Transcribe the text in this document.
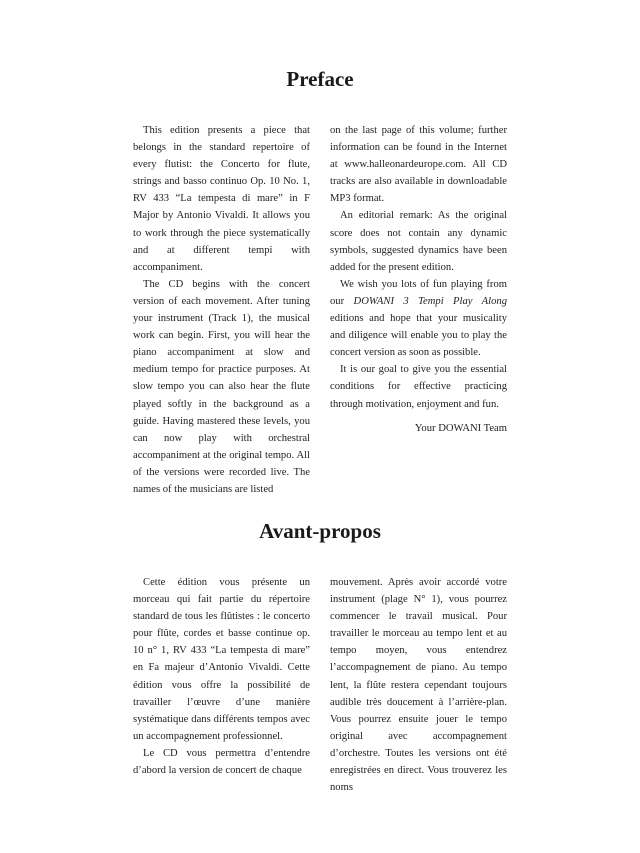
Preface

This edition presents a piece that belongs in the standard repertoire of every flutist: the Concerto for flute, strings and basso continuo Op. 10 No. 1, RV 433 “La tempesta di mare” in F Major by Antonio Vivaldi. It allows you to work through the piece systematically and at different tempi with accompaniment.

The CD begins with the concert version of each movement. After tuning your instrument (Track 1), the musical work can begin. First, you will hear the piano accompaniment at slow and medium tempo for practice purposes. At slow tempo you can also hear the flute played softly in the background as a guide. Having mastered these levels, you can now play with orchestral accompaniment at the original tempo. All of the versions were recorded live. The names of the musicians are listed

on the last page of this volume; further information can be found in the Internet at www.halleonardeurope.com. All CD tracks are also available in downloadable MP3 format.

An editorial remark: As the original score does not contain any dynamic symbols, suggested dynamics have been added for the present edition.

We wish you lots of fun playing from our DOWANI 3 Tempi Play Along editions and hope that your musicality and diligence will enable you to play the concert version as soon as possible.

It is our goal to give you the essential conditions for effective practicing through motivation, enjoyment and fun.

Your DOWANI Team

Avant-propos

Cette édition vous présente un morceau qui fait partie du répertoire standard de tous les flûtistes : le concerto pour flûte, cordes et basse continue op. 10 n° 1, RV 433 “La tempesta di mare” en Fa majeur d’Antonio Vivaldi. Cette édition vous offre la possibilité de travailler l’œuvre d’une manière systématique dans différents tempos avec un accompagnement professionnel.

Le CD vous permettra d’entendre d’abord la version de concert de chaque

mouvement. Après avoir accordé votre instrument (plage N° 1), vous pourrez commencer le travail musical. Pour travailler le morceau au tempo lent et au tempo moyen, vous entendrez l’accompagnement de piano. Au tempo lent, la flûte restera cependant toujours audible très doucement à l’arrière-plan. Vous pourrez ensuite jouer le tempo original avec accompagnement d’orchestre. Toutes les versions ont été enregistrées en direct. Vous trouverez les noms
